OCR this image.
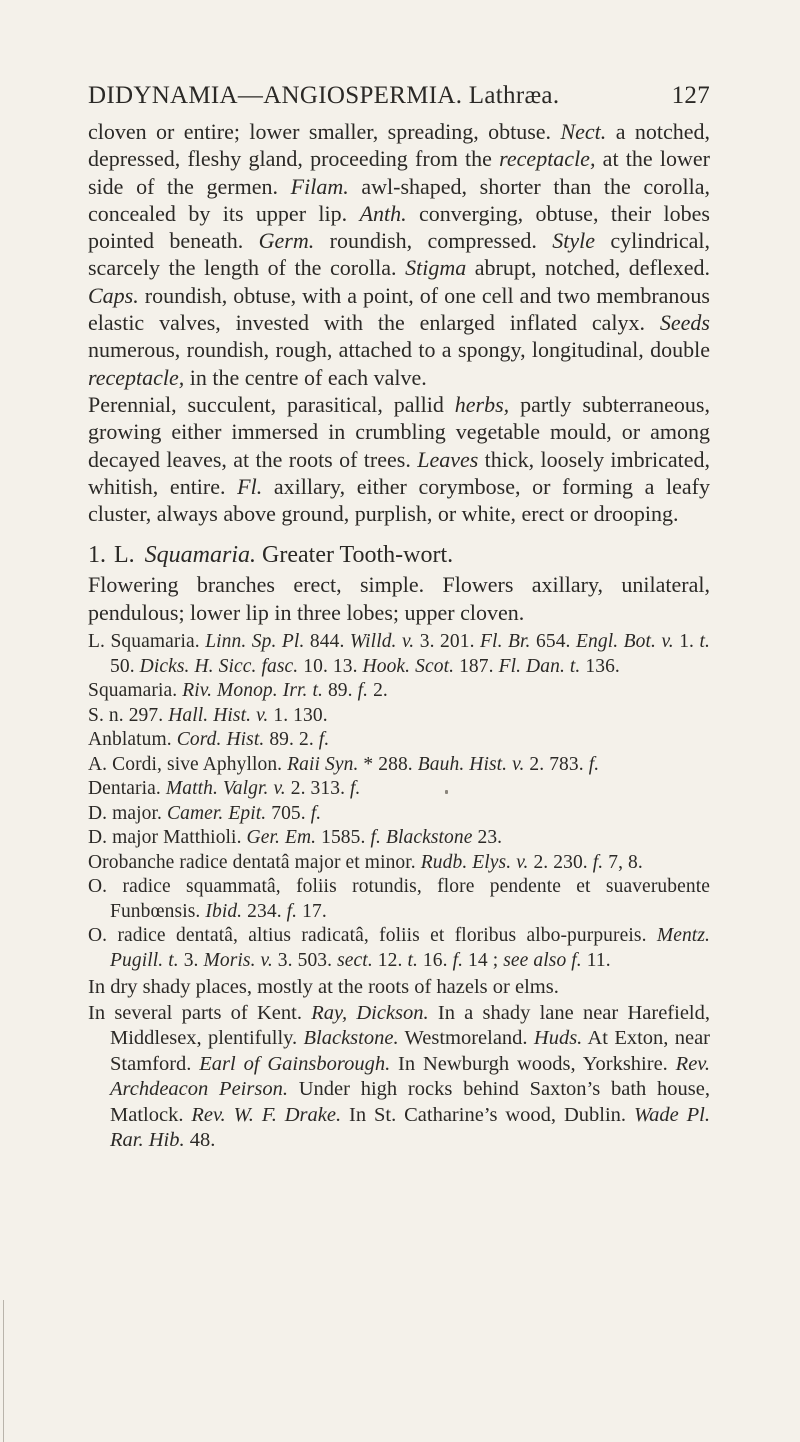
DIDYNAMIA—ANGIOSPERMIA. Lathræa.	127

cloven or entire; lower smaller, spreading, obtuse. Nect. a notched, depressed, fleshy gland, proceeding from the receptacle, at the lower side of the germen. Filam. awl-shaped, shorter than the corolla, concealed by its upper lip. Anth. converging, obtuse, their lobes pointed beneath. Germ. roundish, compressed. Style cylindrical, scarcely the length of the corolla. Stigma abrupt, notched, deflexed. Caps. roundish, obtuse, with a point, of one cell and two membranous elastic valves, invested with the enlarged inflated calyx. Seeds numerous, roundish, rough, attached to a spongy, longitudinal, double receptacle, in the centre of each valve.

Perennial, succulent, parasitical, pallid herbs, partly subterraneous, growing either immersed in crumbling vegetable mould, or among decayed leaves, at the roots of trees. Leaves thick, loosely imbricated, whitish, entire. Fl. axillary, either corymbose, or forming a leafy cluster, always above ground, purplish, or white, erect or drooping.

1. L. Squamaria. Greater Tooth-wort.

Flowering branches erect, simple. Flowers axillary, unilateral, pendulous; lower lip in three lobes; upper cloven.

L. Squamaria. Linn. Sp. Pl. 844. Willd. v. 3. 201. Fl. Br. 654. Engl. Bot. v. 1. t. 50. Dicks. H. Sicc. fasc. 10. 13. Hook. Scot. 187. Fl. Dan. t. 136.

Squamaria. Riv. Monop. Irr. t. 89. f. 2.

S. n. 297. Hall. Hist. v. 1. 130.

Anblatum. Cord. Hist. 89. 2. f.

A. Cordi, sive Aphyllon. Raii Syn. * 288. Bauh. Hist. v. 2. 783. f.

Dentaria. Matth. Valgr. v. 2. 313. f.

D. major. Camer. Epit. 705. f.

D. major Matthioli. Ger. Em. 1585. f. Blackstone 23.

Orobanche radice dentatâ major et minor. Rudb. Elys. v. 2. 230. f. 7, 8.

O. radice squammatâ, foliis rotundis, flore pendente et suaverubente Funbœnsis. Ibid. 234. f. 17.

O. radice dentatâ, altius radicatâ, foliis et floribus albo-purpureis. Mentz. Pugill. t. 3. Moris. v. 3. 503. sect. 12. t. 16. f. 14 ; see also f. 11.

In dry shady places, mostly at the roots of hazels or elms.

In several parts of Kent. Ray, Dickson. In a shady lane near Harefield, Middlesex, plentifully. Blackstone. Westmoreland. Huds. At Exton, near Stamford. Earl of Gainsborough. In Newburgh woods, Yorkshire. Rev. Archdeacon Peirson. Under high rocks behind Saxton’s bath house, Matlock. Rev. W. F. Drake. In St. Catharine’s wood, Dublin. Wade Pl. Rar. Hib. 48.
